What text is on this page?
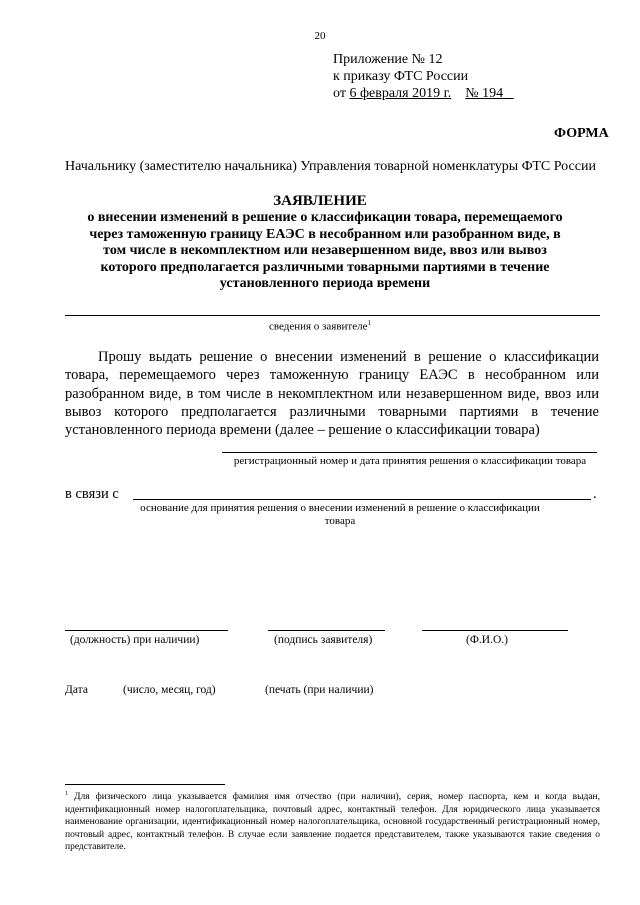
20
Приложение № 12
к приказу ФТС России
от 6 февраля 2019 г. № 194
ФОРМА
Начальнику (заместителю начальника) Управления товарной номенклатуры ФТС России
ЗАЯВЛЕНИЕ
о внесении изменений в решение о классификации товара, перемещаемого через таможенную границу ЕАЭС в несобранном или разобранном виде, в том числе в некомплектном или незавершенном виде, ввоз или вывоз которого предполагается различными товарными партиями в течение установленного периода времени
сведения о заявителе$^1$
Прошу выдать решение о внесении изменений в решение о классификации товара, перемещаемого через таможенную границу ЕАЭС в несобранном или разобранном виде, в том числе в некомплектном или незавершенном виде, ввоз или вывоз которого предполагается различными товарными партиями в течение установленного периода времени (далее – решение о классификации товара)
регистрационный номер и дата принятия решения о классификации товара
в связи с	.
основание для принятия решения о внесении изменений в решение о классификации товара
(должность) при наличии)	(подпись заявителя)	(Ф.И.О.)
Дата	(число, месяц, год)	(печать (при наличии)
$^1$ Для физического лица указывается фамилия имя отчество (при наличии), серия, номер паспорта, кем и когда выдан, идентификационный номер налогоплательщика, почтовый адрес, контактный телефон. Для юридического лица указывается наименование организации, идентификационный номер налогоплательщика, основной государственный регистрационный номер, почтовый адрес, контактный телефон. В случае если заявление подается представителем, также указываются такие сведения о представителе.
